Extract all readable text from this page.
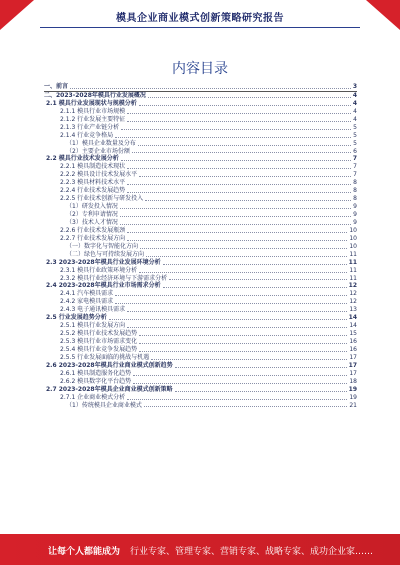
模具企业商业模式创新策略研究报告
内容目录
一、前言	3
二、2023-2028年模具行业发展概况	4
2.1 模具行业发展现状与规模分析	4
2.1.1 模具行业市场规模	4
2.1.2 行业发展主要特征	4
2.1.3 行业产业链分析	5
2.1.4 行业竞争格局	5
（1）模具企业数量及分布	5
（2）主要企业市场份额	6
2.2 模具行业技术发展分析	7
2.2.1 模具制造技术现状	7
2.2.2 模具设计技术发展水平	7
2.2.3 模具材料技术水平	8
2.2.4 行业技术发展趋势	8
2.2.5 行业技术创新与研发投入	8
（1）研发投入情况	9
（2）专利申请情况	9
（3）技术人才情况	9
2.2.6 行业技术发展瓶颈	10
2.2.7 行业技术发展方向	10
（一）数字化与智能化方向	10
（二）绿色与可持续发展方向	11
2.3 2023-2028年模具行业发展环境分析	11
2.3.1 模具行业政策环境分析	11
2.3.2 模具行业经济环境与下游需求分析	11
2.4 2023-2028年模具行业市场需求分析	12
2.4.1 汽车模具需求	12
2.4.2 家电模具需求	12
2.4.3 电子通讯模具需求	13
2.5 行业发展趋势分析	14
2.5.1 模具行业发展方向	14
2.5.2 模具行业技术发展趋势	15
2.5.3 模具行业市场需求变化	16
2.5.4 模具行业竞争发展趋势	16
2.5.5 行业发展面临的挑战与机遇	17
2.6 2023-2028年模具行业商业模式创新趋势	17
2.6.1 模具制造服务化趋势	17
2.6.2 模具数字化平台趋势	18
2.7 2023-2028年模具企业商业模式创新策略	19
2.7.1 企业商业模式分析	19
（1）传统模具企业商业模式	21
让每个人都能成为 行业专家、管理专家、营销专家、战略专家、成功企业家……
